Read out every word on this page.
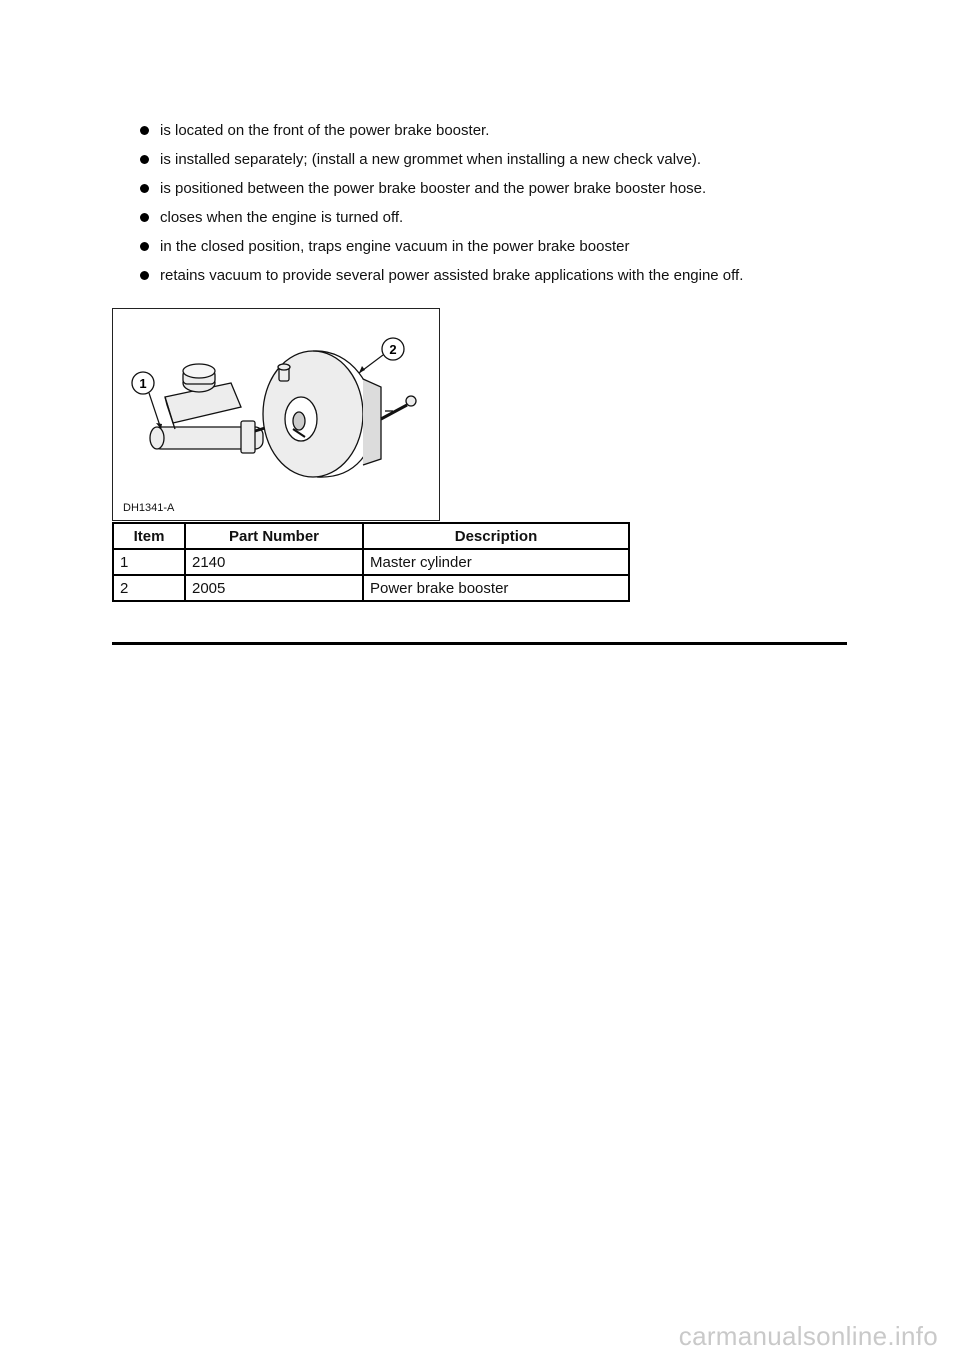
is located on the front of the power brake booster.
is installed separately; (install a new grommet when installing a new check valve).
is positioned between the power brake booster and the power brake booster hose.
closes when the engine is turned off.
in the closed position, traps engine vacuum in the power brake booster
retains vacuum to provide several power assisted brake applications with the engine off.
1
2
DH1341-A
Item	Part Number	Description
1	2140	Master cylinder
2	2005	Power brake booster
carmanualsonline.info
